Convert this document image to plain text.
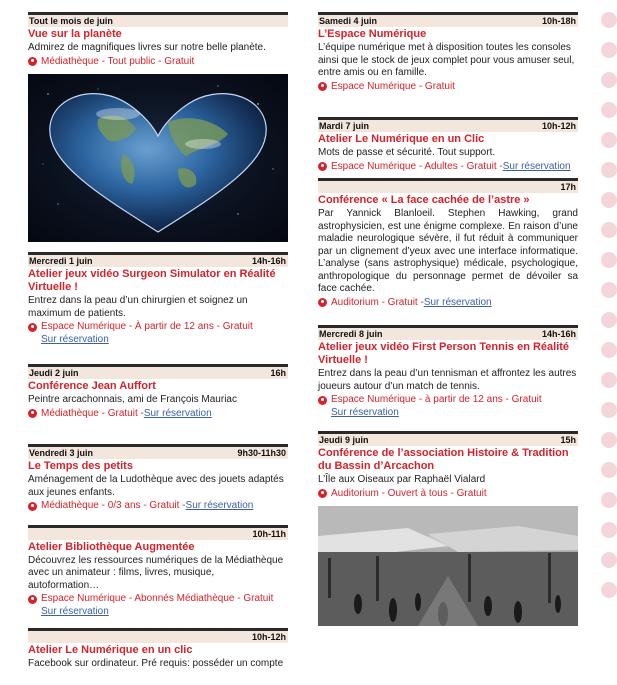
Tout le mois de juin
Vue sur la planète
Admirez de magnifiques livres sur notre belle planète.
Médiathèque - Tout public - Gratuit
Mercredi 1 juin	14h-16h
Atelier jeux vidéo Surgeon Simulator en Réalité Virtuelle !
Entrez dans la peau d’un chirurgien et soignez un maximum de patients.
Espace Numérique - À partir de 12 ans - Gratuit
Sur réservation
Jeudi 2 juin	16h
Conférence Jean Auffort
Peintre arcachonnais, ami de François Mauriac
Médiathèque - Gratuit - Sur réservation
Vendredi 3 juin	9h30-11h30
Le Temps des petits
Aménagement de la Ludothèque avec des jouets adaptés aux jeunes enfants.
Médiathèque - 0/3 ans - Gratuit - Sur réservation
10h-11h
Atelier Bibliothèque Augmentée
Découvrez les ressources numériques de la Médiathèque avec un animateur : films, livres, musique, autoformation…
Espace Numérique - Abonnés Médiathèque - Gratuit
Sur réservation
10h-12h
Atelier Le Numérique en un clic
Facebook sur ordinateur. Pré requis: posséder un compte
Samedi 4 juin	10h-18h
L’Espace Numérique
L’équipe numérique met à disposition toutes les consoles ainsi que le stock de jeux complet pour vous amuser seul, entre amis ou en famille.
Espace Numérique - Gratuit
Mardi 7 juin	10h-12h
Atelier Le Numérique en un Clic
Mots de passe et sécurité. Tout support.
Espace Numérique - Adultes - Gratuit - Sur réservation
17h
Conférence « La face cachée de l’astre »
Par Yannick Blanloeil. Stephen Hawking, grand astrophysicien, est une énigme complexe. En raison d’une maladie neurologique sévère, il fut réduit à communiquer par un clignement d’yeux avec une interface informatique. L’analyse (sans astrophysique) médicale, psychologique, anthropologique du personnage permet de dévoiler sa face cachée.
Auditorium - Gratuit - Sur réservation
Mercredi 8 juin	14h-16h
Atelier jeux vidéo First Person Tennis en Réalité Virtuelle !
Entrez dans la peau d’un tennisman et affrontez les autres joueurs autour d’un match de tennis.
Espace Numérique - à partir de 12 ans - Gratuit
Sur réservation
Jeudi 9 juin	15h
Conférence de l’association Histoire & Tradition du Bassin d’Arcachon
L’Île aux Oiseaux par Raphaël Vialard
Auditorium - Ouvert à tous - Gratuit
